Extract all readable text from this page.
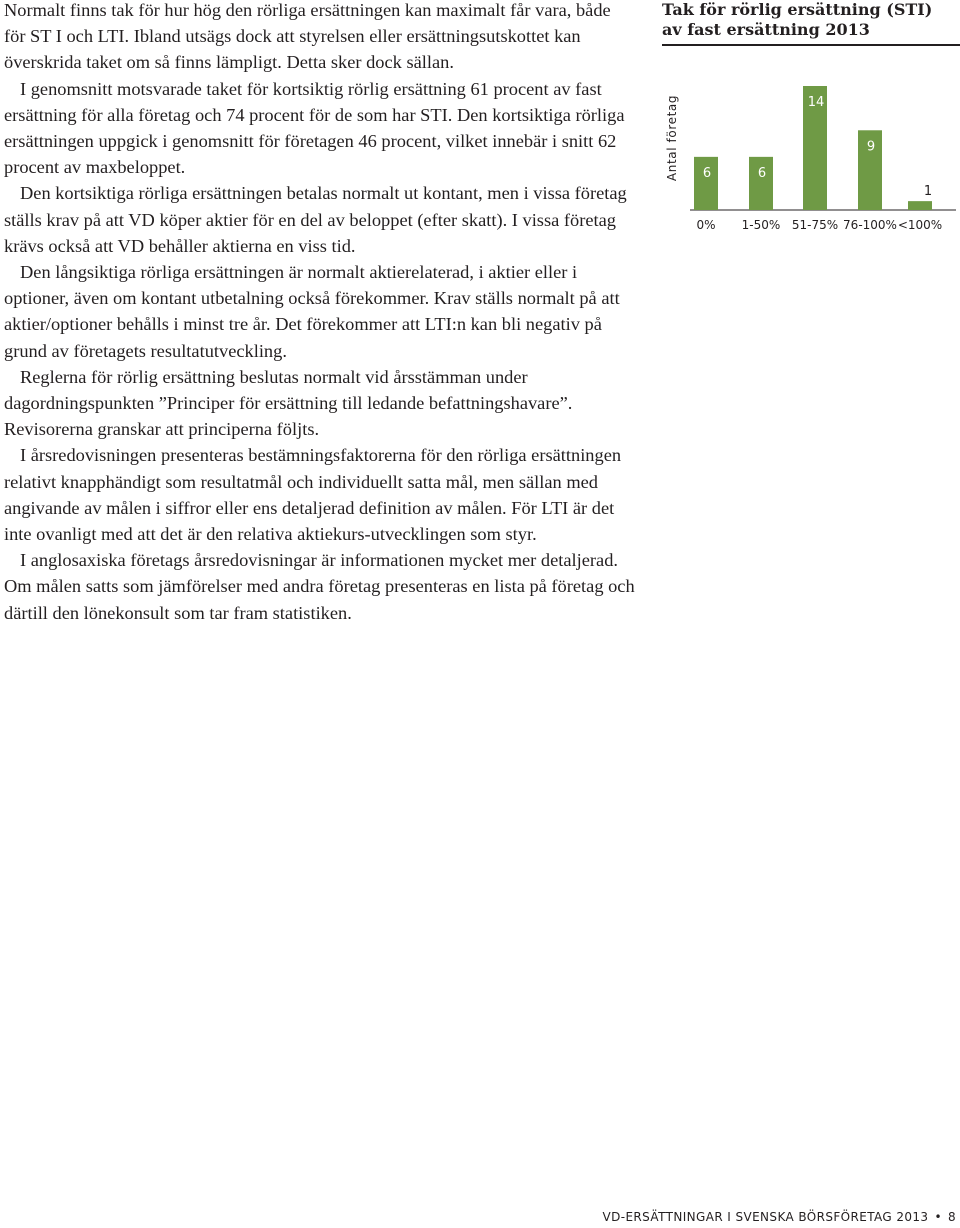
Normalt finns tak för hur hög den rörliga ersättningen kan maximalt får vara, både för ST I och LTI. Ibland utsägs dock att styrelsen eller ersättningsutskottet kan överskrida taket om så finns lämpligt. Detta sker dock sällan.

I genomsnitt motsvarade taket för kortsiktig rörlig ersättning 61 procent av fast ersättning för alla företag och 74 procent för de som har STI. Den kortsiktiga rörliga ersättningen uppgick i genomsnitt för företagen 46 procent, vilket innebär i snitt 62 procent av maxbeloppet.

Den kortsiktiga rörliga ersättningen betalas normalt ut kontant, men i vissa företag ställs krav på att VD köper aktier för en del av beloppet (efter skatt). I vissa företag krävs också att VD behåller aktierna en viss tid.

Den långsiktiga rörliga ersättningen är normalt aktierelaterad, i aktier eller i optioner, även om kontant utbetalning också förekommer. Krav ställs normalt på att aktier/optioner behålls i minst tre år. Det förekommer att LTI:n kan bli negativ på grund av företagets resultatutveckling.

Reglerna för rörlig ersättning beslutas normalt vid årsstämman under dagordningspunkten ”Principer för ersättning till ledande befattningshavare”. Revisorerna granskar att principerna följts.

I årsredovisningen presenteras bestämningsfaktorerna för den rörliga ersättningen relativt knapphändigt som resultatmål och individuellt satta mål, men sällan med angivande av målen i siffror eller ens detaljerad definition av målen. För LTI är det inte ovanligt med att det är den relativa aktiekurs-utvecklingen som styr.

I anglosaxiska företags årsredovisningar är informationen mycket mer detaljerad. Om målen satts som jämförelser med andra företag presenteras en lista på företag och därtill den lönekonsult som tar fram statistiken.

Tak för rörlig ersättning (STI)
av fast ersättning 2013
Antal företag 6
0%
6
1-50%
14
51-75%
9
76-100%
1
<100%
VD-ERSÄTTNINGAR I SVENSKA BÖRSFÖRETAG 2013 • 8
